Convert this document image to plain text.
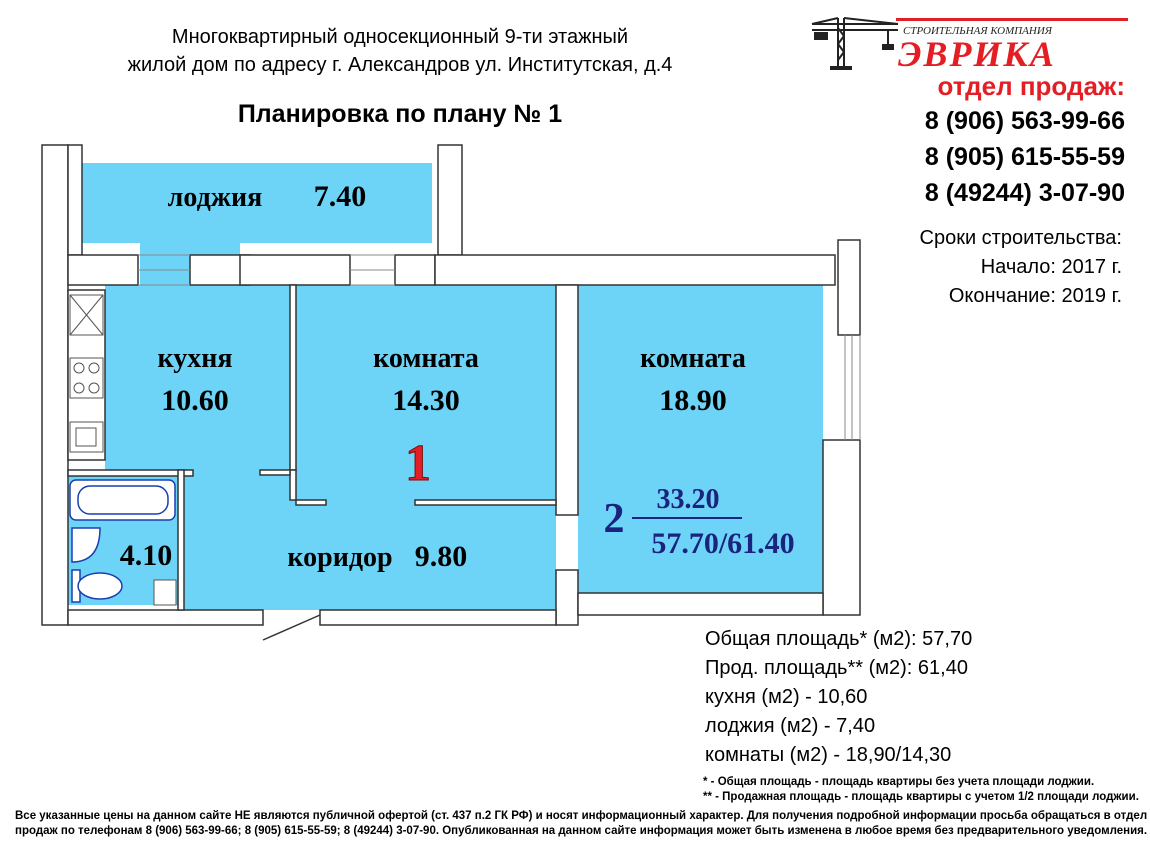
Многоквартирный односекционный 9-ти этажный
жилой дом по адресу г. Александров ул. Институтская, д.4
Планировка по плану № 1
СТРОИТЕЛЬНАЯ КОМПАНИЯ
ЭВРИКА
отдел продаж:
8 (906) 563-99-66
8 (905) 615-55-59
8 (49244) 3-07-90
Сроки строительства:
Начало: 2017 г.
Окончание: 2019 г.
лоджия 7.40
кухня
10.60
комната
14.30
комната
18.90
4.10	коридор 9.80
1
2 33.20
57.70/61.40
Общая площадь* (м2): 57,70
Прод. площадь** (м2): 61,40
кухня (м2) - 10,60
лоджия (м2) - 7,40
комнаты (м2) - 18,90/14,30
* - Общая площадь - площадь квартиры без учета площади лоджии.
** - Продажная площадь - площадь квартиры с учетом 1/2 площади лоджии.
Все указанные цены на данном сайте НЕ являются публичной офертой (ст. 437 п.2 ГК РФ) и носят информационный характер. Для получения подробной информации просьба обращаться в отдел
продаж по телефонам 8 (906) 563-99-66; 8 (905) 615-55-59; 8 (49244) 3-07-90. Опубликованная на данном сайте информация может быть изменена в любое время без предварительного уведомления.
